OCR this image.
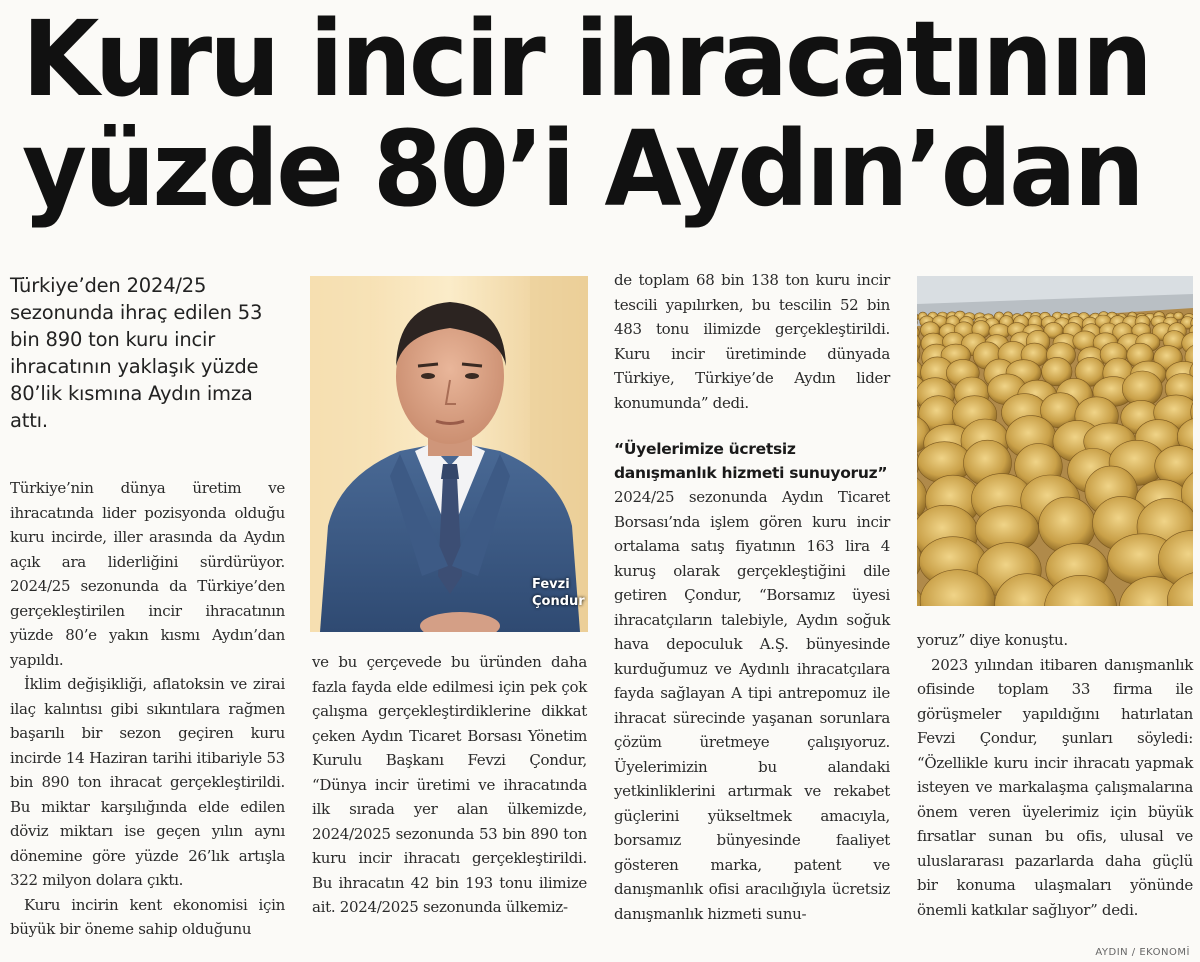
Kuru incir ihracatının
yüzde 80’i Aydın’dan
Türkiye’den 2024/25 sezonunda ihraç edilen 53 bin 890 ton kuru incir ihracatının yaklaşık yüzde 80’lik kısmına Aydın imza attı.

Türkiye’nin dünya üretim ve ihracatında lider pozisyonda olduğu kuru incirde, iller arasında da Aydın açık ara liderliğini sürdürüyor. 2024/25 sezonunda da Türkiye’den gerçekleştirilen incir ihracatının yüzde 80’e yakın kısmı Aydın’dan yapıldı.

İklim değişikliği, aflatoksin ve zirai ilaç kalıntısı gibi sıkıntılara rağmen başarılı bir sezon geçiren kuru incirde 14 Haziran tarihi itibariyle 53 bin 890 ton ihracat gerçekleştirildi. Bu miktar karşılığında elde edilen döviz miktarı ise geçen yılın aynı dönemine göre yüzde 26’lık artışla 322 milyon dolara çıktı.

Kuru incirin kent ekonomisi için büyük bir öneme sahip olduğunu

Fevzi
Çondur

ve bu çerçevede bu üründen daha fazla fayda elde edilmesi için pek çok çalışma gerçekleştirdiklerine dikkat çeken Aydın Ticaret Borsası Yönetim Kurulu Başkanı Fevzi Çondur, “Dünya incir üretimi ve ihracatında ilk sırada yer alan ülkemizde, 2024/2025 sezonunda 53 bin 890 ton kuru incir ihracatı gerçekleştirildi. Bu ihracatın 42 bin 193 tonu ilimize ait. 2024/2025 sezonunda ülkemiz-

de toplam 68 bin 138 ton kuru incir tescili yapılırken, bu tescilin 52 bin 483 tonu ilimizde gerçekleştirildi. Kuru incir üretiminde dünyada Türkiye, Türkiye’de Aydın lider konumunda” dedi.

“Üyelerimize ücretsiz danışmanlık hizmeti sunuyoruz”

2024/25 sezonunda Aydın Ticaret Borsası’nda işlem gören kuru incir ortalama satış fiyatının 163 lira 4 kuruş olarak gerçekleştiğini dile getiren Çondur, “Borsamız üyesi ihracatçıların talebiyle, Aydın soğuk hava depoculuk A.Ş. bünyesinde kurduğumuz ve Aydınlı ihracatçılara fayda sağlayan A tipi antrepomuz ile ihracat sürecinde yaşanan sorunlara çözüm üretmeye çalışıyoruz. Üyelerimizin bu alandaki yetkinliklerini artırmak ve rekabet güçlerini yükseltmek amacıyla, borsamız bünyesinde faaliyet gösteren marka, patent ve danışmanlık ofisi aracılığıyla ücretsiz danışmanlık hizmeti sunu-

yoruz” diye konuştu.

2023 yılından itibaren danışmanlık ofisinde toplam 33 firma ile görüşmeler yapıldığını hatırlatan Fevzi Çondur, şunları söyledi: “Özellikle kuru incir ihracatı yapmak isteyen ve markalaşma çalışmalarına önem veren üyelerimiz için büyük fırsatlar sunan bu ofis, ulusal ve uluslararası pazarlarda daha güçlü bir konuma ulaşmaları yönünde önemli katkılar sağlıyor” dedi.

AYDIN / EKONOMİ
